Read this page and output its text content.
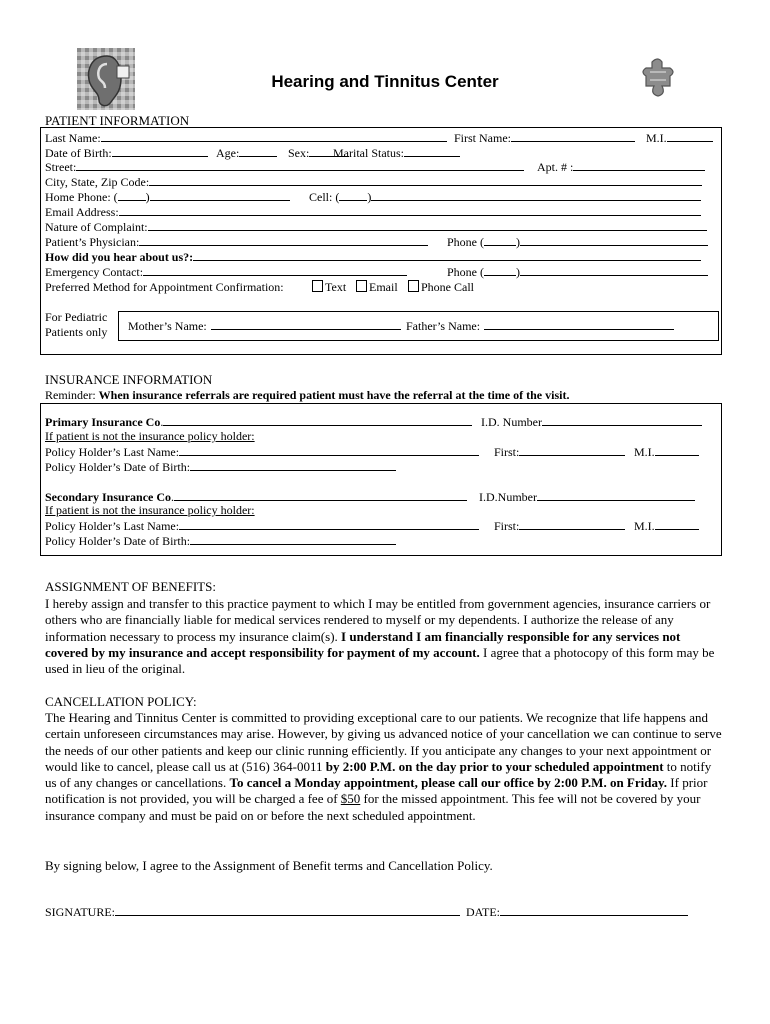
Hearing and Tinnitus Center
PATIENT INFORMATION
Last Name:	First Name:	M.I.
Date of Birth:	Age:	Sex:	Marital Status:
Street:	Apt. # :
City, State, Zip Code:
Home Phone: ( )	Cell: ( )
Email Address:
Nature of Complaint:
Patient’s Physician:	Phone (	)
How did you hear about us?:
Emergency Contact:	Phone (	)
Preferred Method for Appointment Confirmation:	Text	Email	Phone Call
For Pediatric
Patients only Mother’s Name:	Father’s Name:
INSURANCE INFORMATION
Reminder: When insurance referrals are required patient must have the referral at the time of the visit.
Primary Insurance Co.	I.D. Number
If patient is not the insurance policy holder:
Policy Holder’s Last Name:	First:	M.I.
Policy Holder’s Date of Birth:
Secondary Insurance Co.	I.D.Number
If patient is not the insurance policy holder:
Policy Holder’s Last Name:	First:	M.I.
Policy Holder’s Date of Birth:
ASSIGNMENT OF BENEFITS:
I hereby assign and transfer to this practice payment to which I may be entitled from government agencies, insurance carriers or others who are financially liable for medical services rendered to myself or my dependents. I authorize the release of any information necessary to process my insurance claim(s). I understand I am financially responsible for any services not covered by my insurance and accept responsibility for payment of my account. I agree that a photocopy of this form may be used in lieu of the original.
CANCELLATION POLICY:
The Hearing and Tinnitus Center is committed to providing exceptional care to our patients. We recognize that life happens and certain unforeseen circumstances may arise. However, by giving us advanced notice of your cancellation we can continue to serve the needs of our other patients and keep our clinic running efficiently. If you anticipate any changes to your next appointment or would like to cancel, please call us at (516) 364-0011 by 2:00 P.M. on the day prior to your scheduled appointment to notify us of any changes or cancellations. To cancel a Monday appointment, please call our office by 2:00 P.M. on Friday. If prior notification is not provided, you will be charged a fee of $50 for the missed appointment. This fee will not be covered by your insurance company and must be paid on or before the next scheduled appointment.
By signing below, I agree to the Assignment of Benefit terms and Cancellation Policy.
SIGNATURE:	DATE:
